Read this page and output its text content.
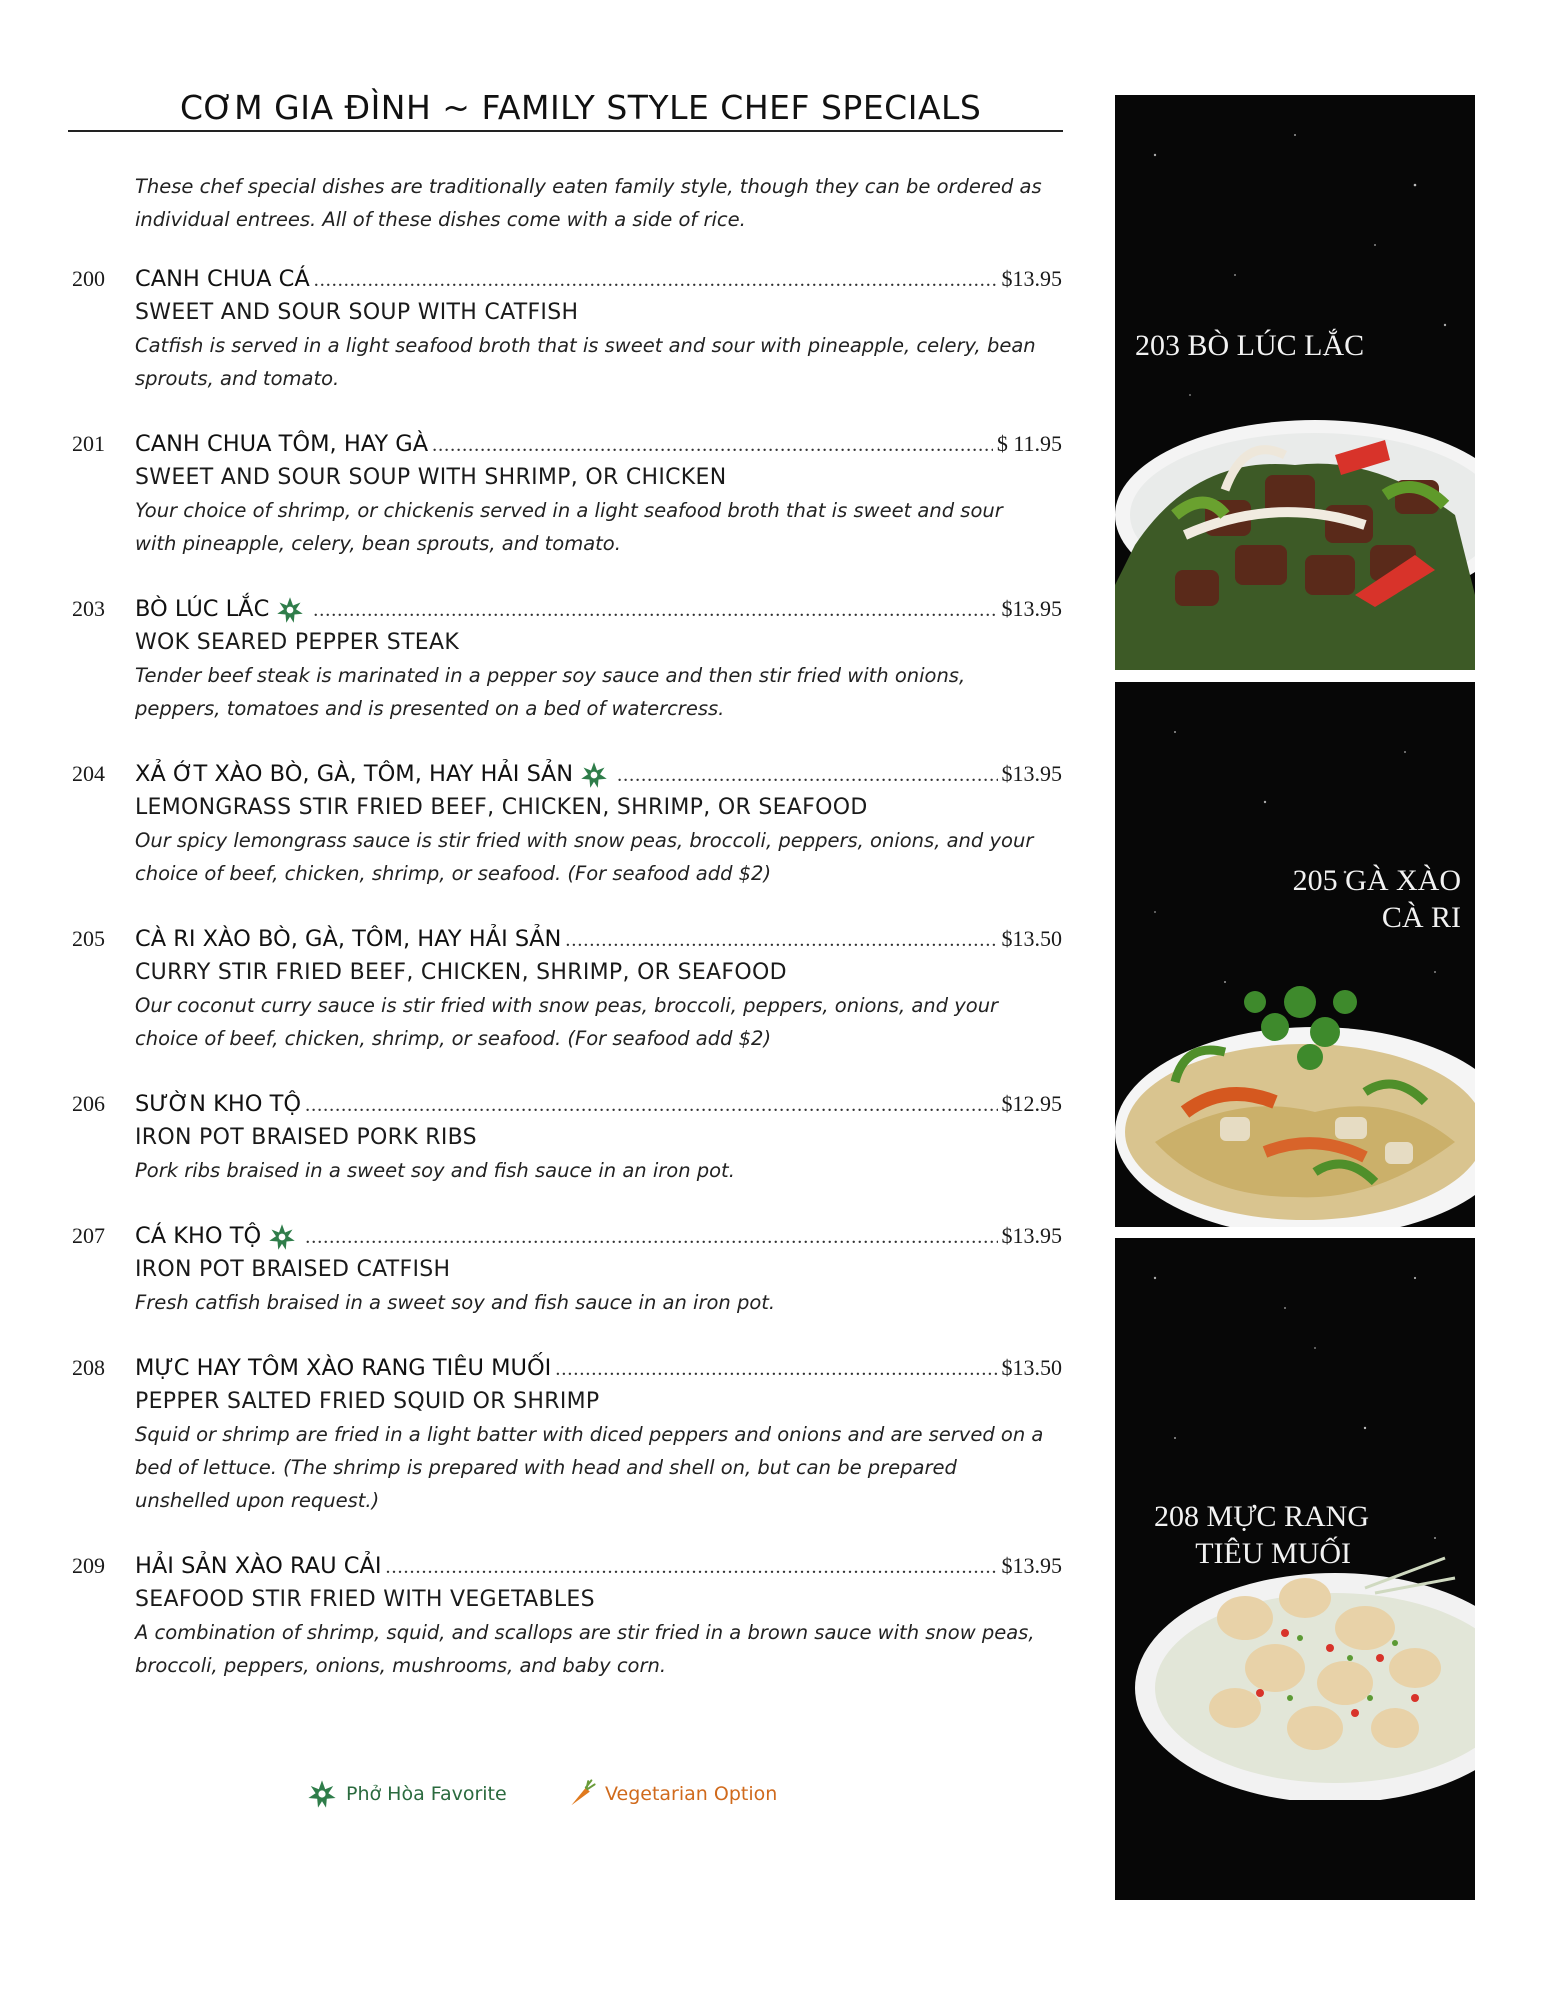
CƠM GIA ĐÌNH ~ FAMILY STYLE CHEF SPECIALS
These chef special dishes are traditionally eaten family style, though they can be ordered as individual entrees. All of these dishes come with a side of rice.
200	CANH CHUA CÁ .....	$13.95
SWEET AND SOUR SOUP WITH CATFISH
Catfish is served in a light seafood broth that is sweet and sour with pineapple, celery, bean sprouts, and tomato.
201	CANH CHUA TÔM, HAY GÀ .....	$ 11.95
SWEET AND SOUR SOUP WITH SHRIMP, OR CHICKEN
Your choice of shrimp, or chickenis served in a light seafood broth that is sweet and sour with pineapple, celery, bean sprouts, and tomato.
203	BÒ LÚC LẮC .....	$13.95
WOK SEARED PEPPER STEAK
Tender beef steak is marinated in a pepper soy sauce and then stir fried with onions, peppers, tomatoes and is presented on a bed of watercress.
204	XẢ ỚT XÀO BÒ, GÀ, TÔM, HAY HẢI SẢN .....	$13.95
LEMONGRASS STIR FRIED BEEF, CHICKEN, SHRIMP, OR SEAFOOD
Our spicy lemongrass sauce is stir fried with snow peas, broccoli, peppers, onions, and your choice of beef, chicken, shrimp, or seafood. (For seafood add $2)
205	CÀ RI XÀO BÒ, GÀ, TÔM, HAY HẢI SẢN .....	$13.50
CURRY STIR FRIED BEEF, CHICKEN, SHRIMP, OR SEAFOOD
Our coconut curry sauce is stir fried with snow peas, broccoli, peppers, onions, and your choice of beef, chicken, shrimp, or seafood. (For seafood add $2)
206	SƯỜN KHO TỘ .....	$12.95
IRON POT BRAISED PORK RIBS
Pork ribs braised in a sweet soy and fish sauce in an iron pot.
207	CÁ KHO TỘ .....	$13.95
IRON POT BRAISED CATFISH
Fresh catfish braised in a sweet soy and fish sauce in an iron pot.
208	MỰC HAY TÔM XÀO RANG TIÊU MUỐI .....	$13.50
PEPPER SALTED FRIED SQUID OR SHRIMP
Squid or shrimp are fried in a light batter with diced peppers and onions and are served on a bed of lettuce. (The shrimp is prepared with head and shell on, but can be prepared unshelled upon request.)
209	HẢI SẢN XÀO RAU CẢI .....	$13.95
SEAFOOD STIR FRIED WITH VEGETABLES
A combination of shrimp, squid, and scallops are stir fried in a brown sauce with snow peas, broccoli, peppers, onions, mushrooms, and baby corn.
Phở Hòa Favorite	Vegetarian Option
203 BÒ LÚC LẮC
205 GÀ XÀO
CÀ RI
208 MỰC RANG
TIÊU MUỐI
